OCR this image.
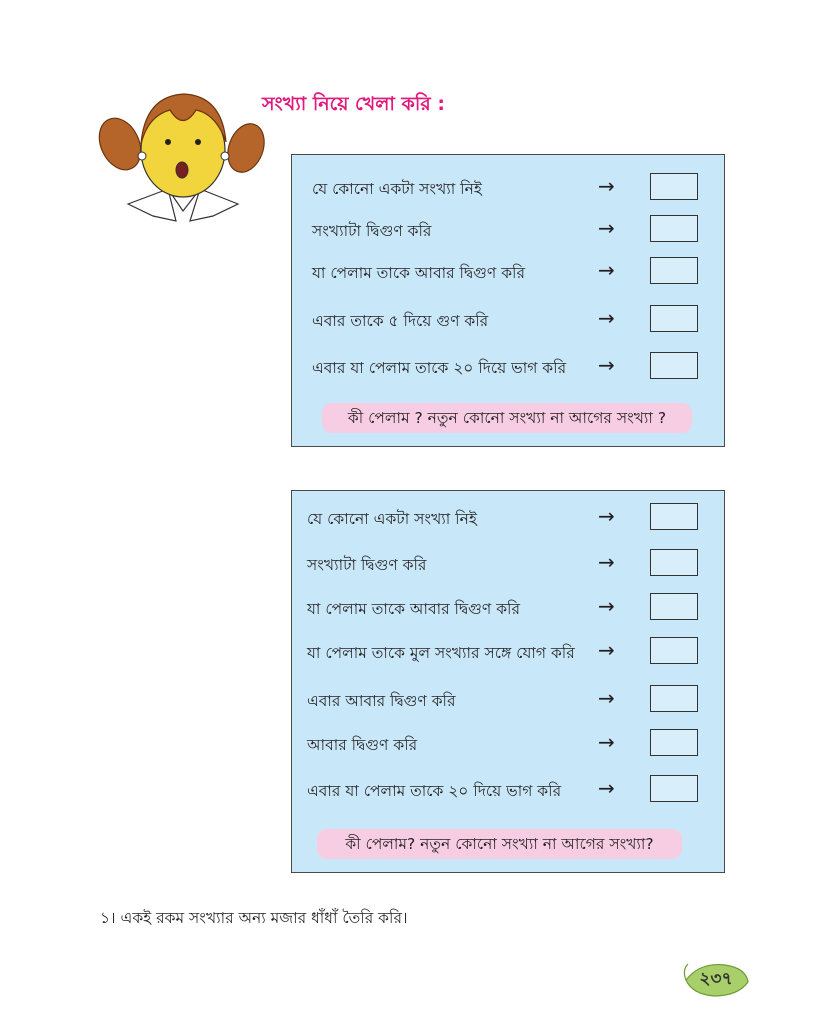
সংখ্যা নিয়ে খেলা করি :
যে কোনো একটা সংখ্যা নিই	→
সংখ্যাটা দ্বিগুণ করি	→
যা পেলাম তাকে আবার দ্বিগুণ করি	→
এবার তাকে ৫ দিয়ে গুণ করি	→
এবার যা পেলাম তাকে ২০ দিয়ে ভাগ করি →
কী পেলাম ? নতুন কোনো সংখ্যা না আগের সংখ্যা ?
যে কোনো একটা সংখ্যা নিই	→
সংখ্যাটা দ্বিগুণ করি	→
যা পেলাম তাকে আবার দ্বিগুণ করি	→
যা পেলাম তাকে মুল সংখ্যার সঙ্গে যোগ করি →
এবার আবার দ্বিগুণ করি	→
আবার দ্বিগুণ করি	→
এবার যা পেলাম তাকে ২০ দিয়ে ভাগ করি →
কী পেলাম? নতুন কোনো সংখ্যা না আগের সংখ্যা?
১। একই রকম সংখ্যার অন্য মজার ধাঁধাঁ তৈরি করি।
২৩৭
